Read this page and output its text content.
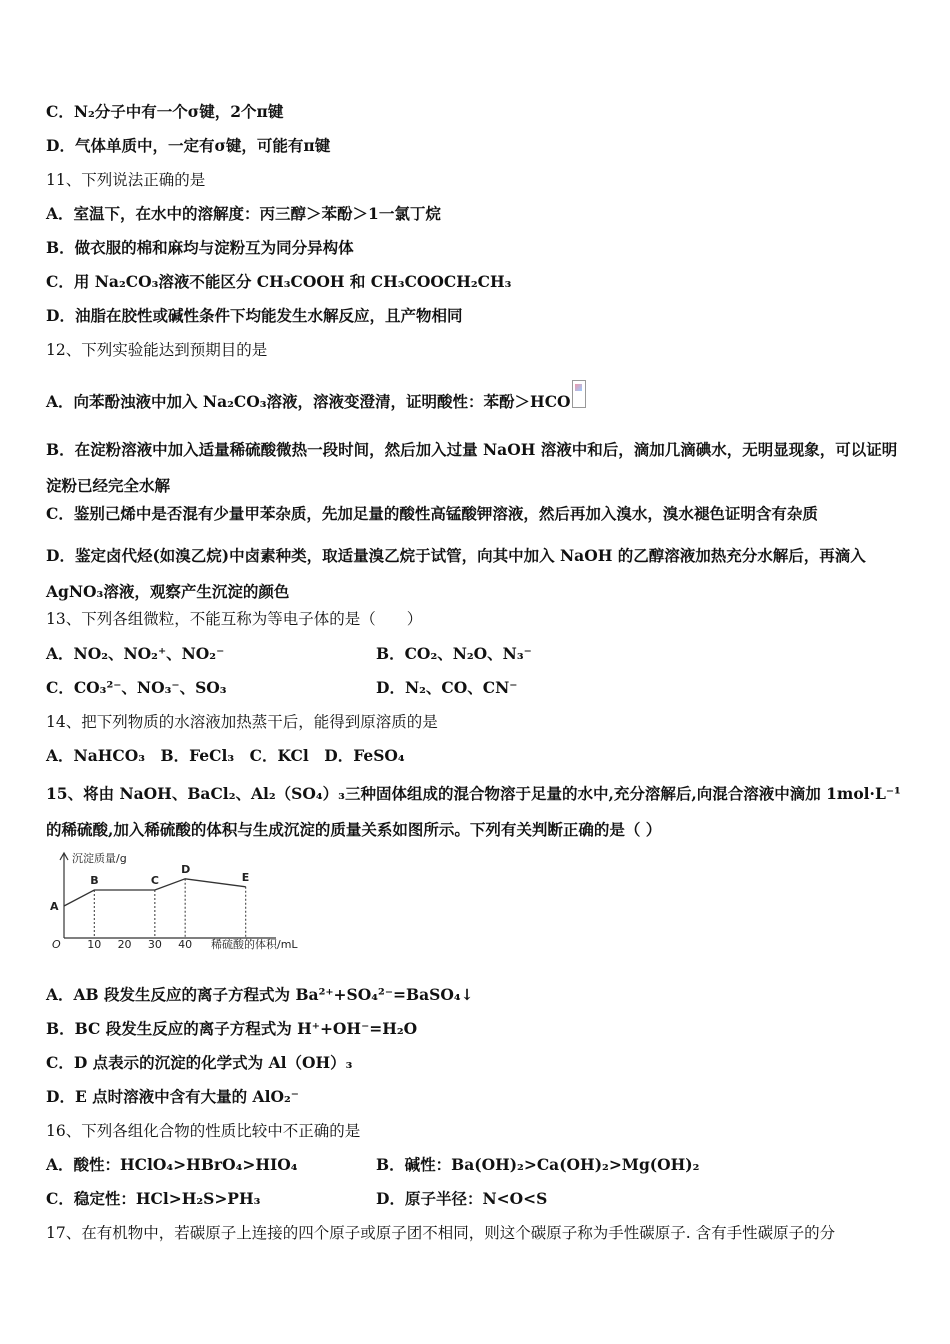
C．N₂分子中有一个σ键，2个π键
D．气体单质中，一定有σ键，可能有π键
11、下列说法正确的是
A．室温下，在水中的溶解度：丙三醇＞苯酚＞1一氯丁烷
B．做衣服的棉和麻均与淀粉互为同分异构体
C．用 Na₂CO₃溶液不能区分 CH₃COOH 和 CH₃COOCH₂CH₃
D．油脂在胶性或碱性条件下均能发生水解反应，且产物相同
12、下列实验能达到预期目的是
A．向苯酚浊液中加入 Na₂CO₃溶液，溶液变澄清，证明酸性：苯酚＞HCO
B．在淀粉溶液中加入适量稀硫酸微热一段时间，然后加入过量 NaOH 溶液中和后，滴加几滴碘水，无明显现象，可以证明淀粉已经完全水解
C．鉴别己烯中是否混有少量甲苯杂质，先加足量的酸性高锰酸钾溶液，然后再加入溴水，溴水褪色证明含有杂质
D．鉴定卤代烃(如溴乙烷)中卤素种类，取适量溴乙烷于试管，向其中加入 NaOH 的乙醇溶液加热充分水解后，再滴入 AgNO₃溶液，观察产生沉淀的颜色
13、下列各组微粒，不能互称为等电子体的是（　　）
A．NO₂、NO₂⁺、NO₂⁻	B．CO₂、N₂O、N₃⁻
C．CO₃²⁻、NO₃⁻、SO₃	D．N₂、CO、CN⁻
14、把下列物质的水溶液加热蒸干后，能得到原溶质的是
A．NaHCO₃　B．FeCl₃　C．KCl　D．FeSO₄
15、将由 NaOH、BaCl₂、Al₂（SO₄）₃三种固体组成的混合物溶于足量的水中,充分溶解后,向混合溶液中滴加 1mol·L⁻¹的稀硫酸,加入稀硫酸的体积与生成沉淀的质量关系如图所示。下列有关判断正确的是（ ）
沉淀质量/g
O	稀硫酸的体积/mL
A
B	C
D
E
10 20 30 40
A．AB 段发生反应的离子方程式为 Ba²⁺+SO₄²⁻=BaSO₄↓
B．BC 段发生反应的离子方程式为 H⁺+OH⁻=H₂O
C．D 点表示的沉淀的化学式为 Al（OH）₃
D．E 点时溶液中含有大量的 AlO₂⁻
16、下列各组化合物的性质比较中不正确的是
A．酸性：HClO₄>HBrO₄>HIO₄	B．碱性：Ba(OH)₂>Ca(OH)₂>Mg(OH)₂
C．稳定性：HCl>H₂S>PH₃	D．原子半径：N<O<S
17、在有机物中，若碳原子上连接的四个原子或原子团不相同，则这个碳原子称为手性碳原子. 含有手性碳原子的分
